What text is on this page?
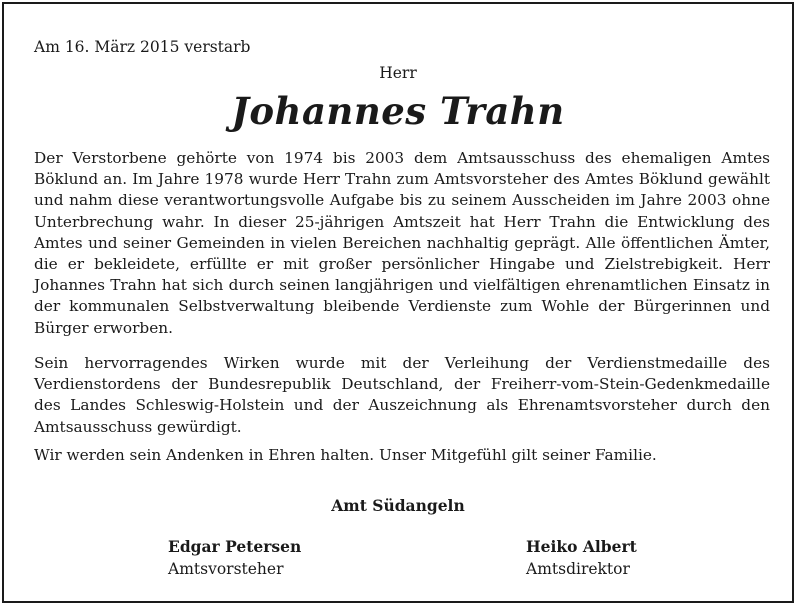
Am 16. März 2015 verstarb
Herr
Johannes Trahn

Der Verstorbene gehörte von 1974 bis 2003 dem Amtsausschuss des ehemaligen Amtes Böklund an. Im Jahre 1978 wurde Herr Trahn zum Amtsvorsteher des Amtes Böklund gewählt und nahm diese verantwortungsvolle Aufgabe bis zu seinem Ausscheiden im Jahre 2003 ohne Unterbrechung wahr. In dieser 25-jährigen Amtszeit hat Herr Trahn die Entwicklung des Amtes und seiner Gemeinden in vielen Bereichen nachhaltig geprägt. Alle öffentlichen Ämter, die er bekleidete, erfüllte er mit großer persönlicher Hingabe und Zielstrebigkeit. Herr Johannes Trahn hat sich durch seinen langjährigen und vielfältigen ehrenamtlichen Einsatz in der kommunalen Selbstverwaltung bleibende Verdienste zum Wohle der Bürgerinnen und Bürger erworben.

Sein hervorragendes Wirken wurde mit der Verleihung der Verdienstmedaille des Verdienstordens der Bundesrepublik Deutschland, der Freiherr-vom-Stein-Gedenkmedaille des Landes Schleswig-Holstein und der Auszeichnung als Ehrenamtsvorsteher durch den Amtsausschuss gewürdigt.

Wir werden sein Andenken in Ehren halten. Unser Mitgefühl gilt seiner Familie.

Amt Südangeln
Edgar Petersen
Amtsvorsteher
Heiko Albert
Amtsdirektor
